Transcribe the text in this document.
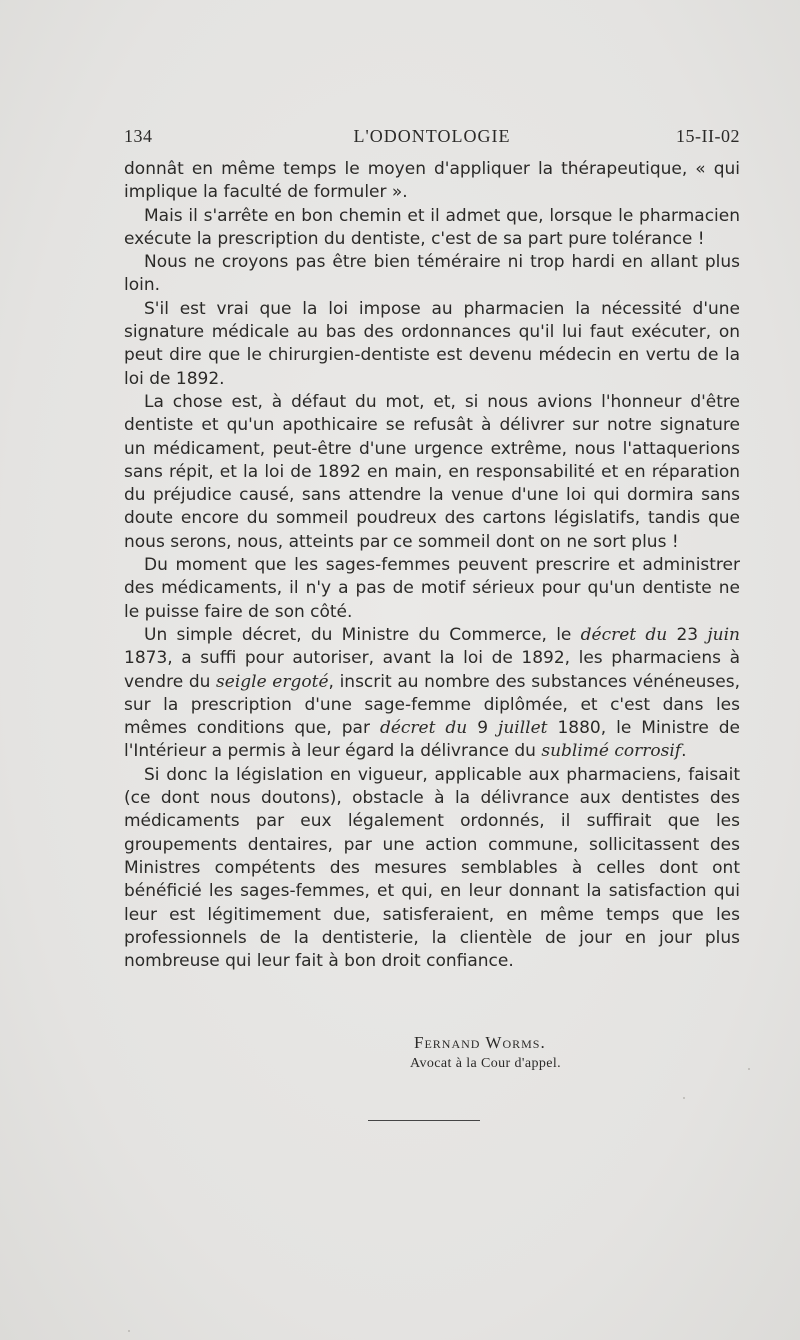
134	L'ODONTOLOGIE	15-II-02

donnât en même temps le moyen d'appliquer la thérapeutique, « qui implique la faculté de formuler ».

Mais il s'arrête en bon chemin et il admet que, lorsque le pharmacien exécute la prescription du dentiste, c'est de sa part pure tolérance !

Nous ne croyons pas être bien téméraire ni trop hardi en allant plus loin.

S'il est vrai que la loi impose au pharmacien la nécessité d'une signature médicale au bas des ordonnances qu'il lui faut exécuter, on peut dire que le chirurgien-dentiste est devenu médecin en vertu de la loi de 1892.

La chose est, à défaut du mot, et, si nous avions l'honneur d'être dentiste et qu'un apothicaire se refusât à délivrer sur notre signature un médicament, peut-être d'une urgence extrême, nous l'attaquerions sans répit, et la loi de 1892 en main, en responsabilité et en réparation du préjudice causé, sans attendre la venue d'une loi qui dormira sans doute encore du sommeil poudreux des cartons législatifs, tandis que nous serons, nous, atteints par ce sommeil dont on ne sort plus !

Du moment que les sages-femmes peuvent prescrire et administrer des médicaments, il n'y a pas de motif sérieux pour qu'un dentiste ne le puisse faire de son côté.

Un simple décret, du Ministre du Commerce, le décret du 23 juin 1873, a suffi pour autoriser, avant la loi de 1892, les pharmaciens à vendre du seigle ergoté, inscrit au nombre des substances vénéneuses, sur la prescription d'une sage-femme diplômée, et c'est dans les mêmes conditions que, par décret du 9 juillet 1880, le Ministre de l'Intérieur a permis à leur égard la délivrance du sublimé corrosif.

Si donc la législation en vigueur, applicable aux pharmaciens, faisait (ce dont nous doutons), obstacle à la délivrance aux dentistes des médicaments par eux légalement ordonnés, il suffirait que les groupements dentaires, par une action commune, sollicitassent des Ministres compétents des mesures semblables à celles dont ont bénéficié les sages-femmes, et qui, en leur donnant la satisfaction qui leur est légitimement due, satisferaient, en même temps que les professionnels de la dentisterie, la clientèle de jour en jour plus nombreuse qui leur fait à bon droit confiance.

Fernand Worms.
Avocat à la Cour d'appel.
